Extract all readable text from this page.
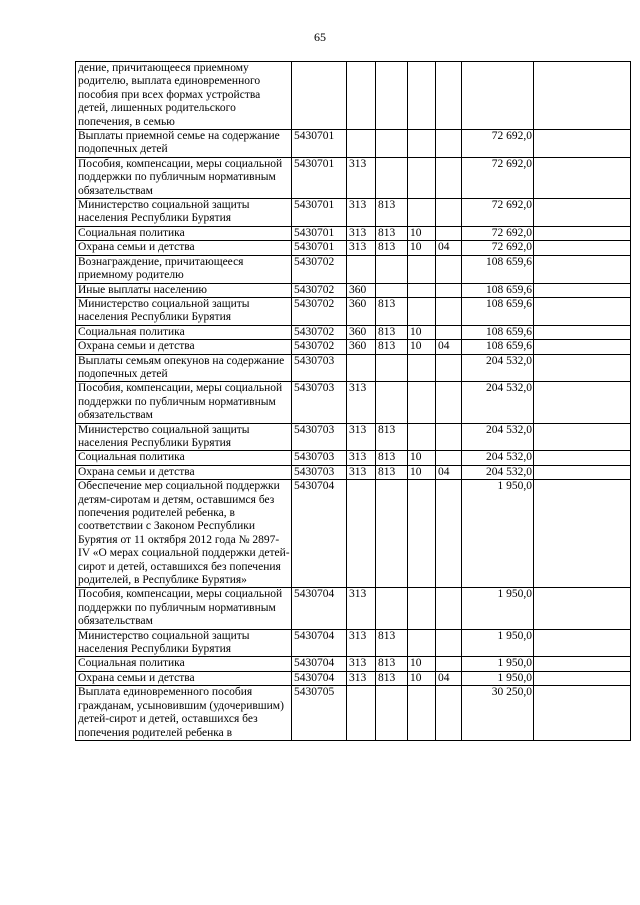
65
дение, причитающееся приемному родителю, выплата единовременного пособия при всех формах устройства детей, лишенных родительского попечения, в семью							
Выплаты приемной семье на содержание подопечных детей	5430701					72 692,0	
Пособия, компенсации, меры социальной поддержки по публичным нормативным обязательствам	5430701	313				72 692,0	
Министерство социальной защиты населения Республики Бурятия	5430701	313	813			72 692,0	
Социальная политика	5430701	313	813	10		72 692,0	
Охрана семьи и детства	5430701	313	813	10	04	72 692,0	
Вознаграждение, причитающееся приемному родителю	5430702					108 659,6	
Иные выплаты населению	5430702	360				108 659,6	
Министерство социальной защиты населения Республики Бурятия	5430702	360	813			108 659,6	
Социальная политика	5430702	360	813	10		108 659,6	
Охрана семьи и детства	5430702	360	813	10	04	108 659,6	
Выплаты семьям опекунов на содержание подопечных детей	5430703					204 532,0	
Пособия, компенсации, меры социальной поддержки по публичным нормативным обязательствам	5430703	313				204 532,0	
Министерство социальной защиты населения Республики Бурятия	5430703	313	813			204 532,0	
Социальная политика	5430703	313	813	10		204 532,0	
Охрана семьи и детства	5430703	313	813	10	04	204 532,0	
Обеспечение мер социальной поддержки детям-сиротам и детям, оставшимся без попечения родителей ребенка, в соответствии с Законом Республики Бурятия от 11 октября 2012 года № 2897-IV «О мерах социальной поддержки детей-сирот и детей, оставшихся без попечения родителей, в Республике Бурятия»	5430704					1 950,0	
Пособия, компенсации, меры социальной поддержки по публичным нормативным обязательствам	5430704	313				1 950,0	
Министерство социальной защиты населения Республики Бурятия	5430704	313	813			1 950,0	
Социальная политика	5430704	313	813	10		1 950,0	
Охрана семьи и детства	5430704	313	813	10	04	1 950,0	
Выплата единовременного пособия гражданам, усыновившим (удочерившим) детей-сирот и детей, оставшихся без попечения родителей ребенка в	5430705					30 250,0	
